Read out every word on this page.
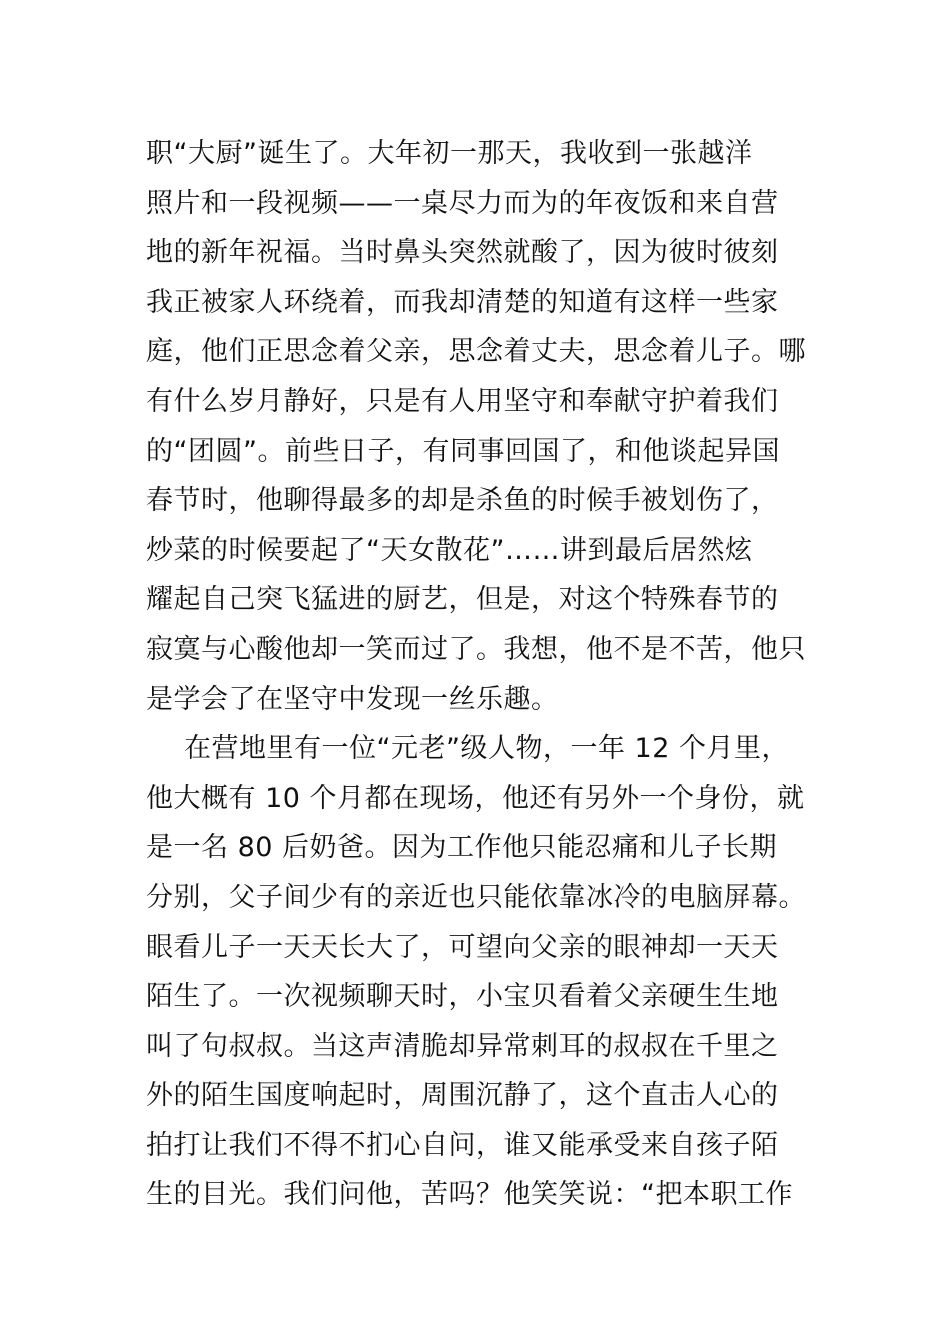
职“大厨”诞生了。大年初一那天，我收到一张越洋
照片和一段视频——一桌尽力而为的年夜饭和来自营
地的新年祝福。当时鼻头突然就酸了，因为彼时彼刻
我正被家人环绕着，而我却清楚的知道有这样一些家
庭，他们正思念着父亲，思念着丈夫，思念着儿子。哪
有什么岁月静好，只是有人用坚守和奉献守护着我们
的“团圆”。前些日子，有同事回国了，和他谈起异国
春节时，他聊得最多的却是杀鱼的时候手被划伤了，
炒菜的时候要起了“天女散花”……讲到最后居然炫
耀起自己突飞猛进的厨艺，但是，对这个特殊春节的
寂寞与心酸他却一笑而过了。我想，他不是不苦，他只
是学会了在坚守中发现一丝乐趣。
在营地里有一位“元老”级人物，一年 12 个月里，
他大概有 10 个月都在现场，他还有另外一个身份，就
是一名 80 后奶爸。因为工作他只能忍痛和儿子长期
分别，父子间少有的亲近也只能依靠冰冷的电脑屏幕。
眼看儿子一天天长大了，可望向父亲的眼神却一天天
陌生了。一次视频聊天时，小宝贝看着父亲硬生生地
叫了句叔叔。当这声清脆却异常刺耳的叔叔在千里之
外的陌生国度响起时，周围沉静了，这个直击人心的
拍打让我们不得不扪心自问，谁又能承受来自孩子陌
生的目光。我们问他，苦吗？他笑笑说：“把本职工作
